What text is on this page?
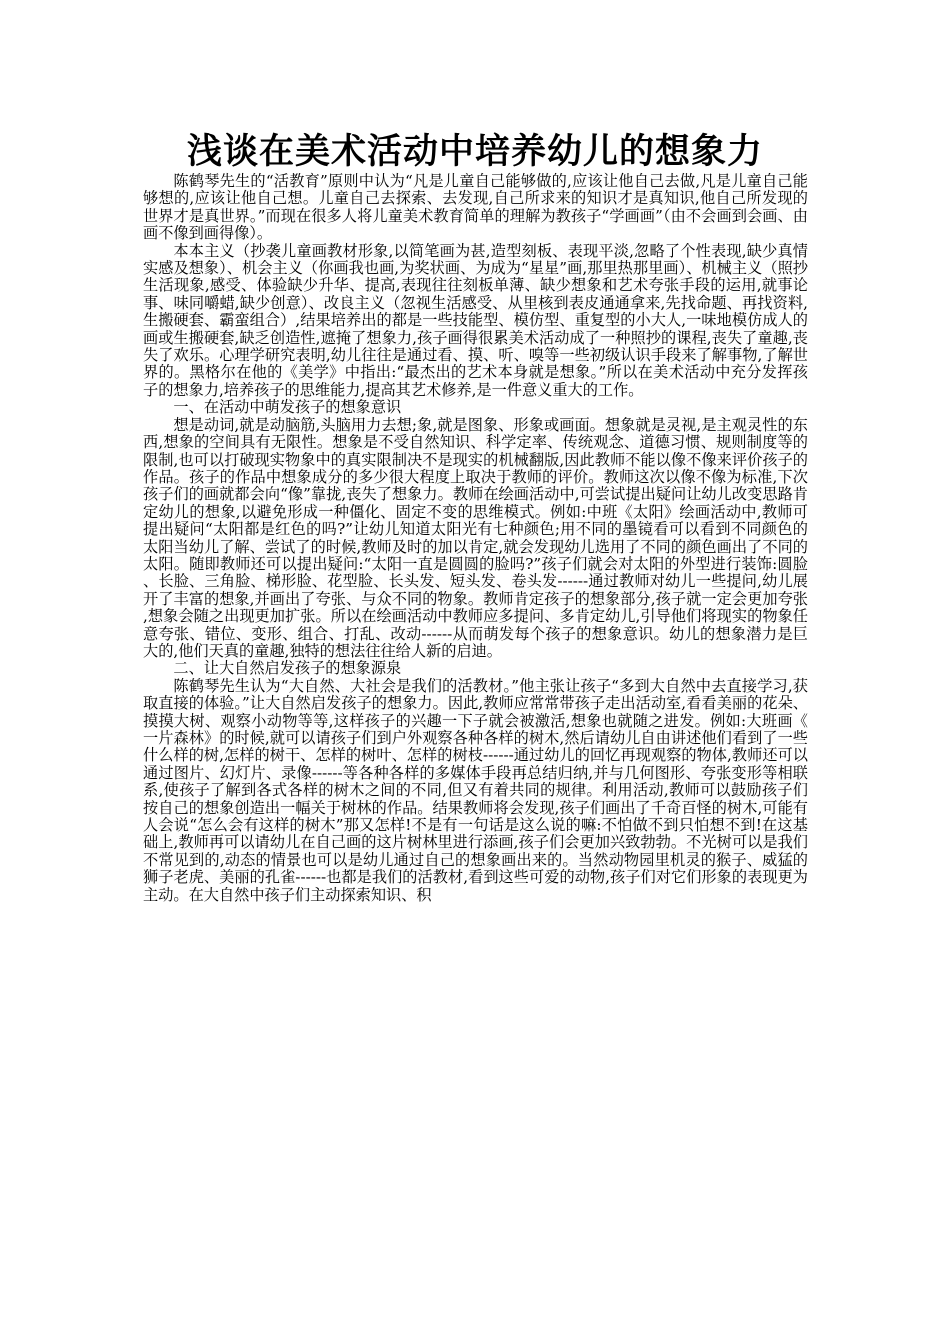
浅谈在美术活动中培养幼儿的想象力

陈鹤琴先生的“活教育”原则中认为“凡是儿童自己能够做的,应该让他自己去做,凡是儿童自己能够想的,应该让他自己想。儿童自己去探索、去发现,自己所求来的知识才是真知识,他自己所发现的世界才是真世界。”而现在很多人将儿童美术教育简单的理解为教孩子“学画画”（由不会画到会画、由画不像到画得像）。

本本主义（抄袭儿童画教材形象,以简笔画为甚,造型刻板、表现平淡,忽略了个性表现,缺少真情实感及想象）、机会主义（你画我也画,为奖状画、为成为“星星”画,那里热那里画）、机械主义（照抄生活现象,感受、体验缺少升华、提高,表现往往刻板单薄、缺少想象和艺术夸张手段的运用,就事论事、味同嚼蜡,缺少创意）、改良主义（忽视生活感受、从里核到表皮通通拿来,先找命题、再找资料,生搬硬套、霸蛮组合）,结果培养出的都是一些技能型、模仿型、重复型的小大人,一味地模仿成人的画或生搬硬套,缺乏创造性,遮掩了想象力,孩子画得很累美术活动成了一种照抄的课程,丧失了童趣,丧失了欢乐。心理学研究表明,幼儿往往是通过看、摸、听、嗅等一些初级认识手段来了解事物,了解世界的。黑格尔在他的《美学》中指出:“最杰出的艺术本身就是想象。”所以在美术活动中充分发挥孩子的想象力,培养孩子的思维能力,提高其艺术修养,是一件意义重大的工作。

一、在活动中萌发孩子的想象意识

想是动词,就是动脑筋,头脑用力去想;象,就是图象、形象或画面。想象就是灵视,是主观灵性的东西,想象的空间具有无限性。想象是不受自然知识、科学定率、传统观念、道德习惯、规则制度等的限制,也可以打破现实物象中的真实限制决不是现实的机械翻版,因此教师不能以像不像来评价孩子的作品。孩子的作品中想象成分的多少很大程度上取决于教师的评价。教师这次以像不像为标准,下次孩子们的画就都会向“像”靠拢,丧失了想象力。教师在绘画活动中,可尝试提出疑问让幼儿改变思路肯定幼儿的想象,以避免形成一种僵化、固定不变的思维模式。例如:中班《太阳》绘画活动中,教师可提出疑问“太阳都是红色的吗?”让幼儿知道太阳光有七种颜色;用不同的墨镜看可以看到不同颜色的太阳当幼儿了解、尝试了的时候,教师及时的加以肯定,就会发现幼儿选用了不同的颜色画出了不同的太阳。随即教师还可以提出疑问:“太阳一直是圆圆的脸吗?”孩子们就会对太阳的外型进行装饰:圆脸、长脸、三角脸、梯形脸、花型脸、长头发、短头发、卷头发------通过教师对幼儿一些提问,幼儿展开了丰富的想象,并画出了夸张、与众不同的物象。教师肯定孩子的想象部分,孩子就一定会更加夸张,想象会随之出现更加扩张。所以在绘画活动中教师应多提问、多肯定幼儿,引导他们将现实的物象任意夸张、错位、变形、组合、打乱、改动------从而萌发每个孩子的想象意识。幼儿的想象潜力是巨大的,他们天真的童趣,独特的想法往往给人新的启迪。

二、让大自然启发孩子的想象源泉

陈鹤琴先生认为“大自然、大社会是我们的活教材。”他主张让孩子“多到大自然中去直接学习,获取直接的体验。”让大自然启发孩子的想象力。因此,教师应常常带孩子走出活动室,看看美丽的花朵、摸摸大树、观察小动物等等,这样孩子的兴趣一下子就会被激活,想象也就随之进发。例如:大班画《一片森林》的时候,就可以请孩子们到户外观察各种各样的树木,然后请幼儿自由讲述他们看到了一些什么样的树,怎样的树干、怎样的树叶、怎样的树枝------通过幼儿的回忆再现观察的物体,教师还可以通过图片、幻灯片、录像------等各种各样的多媒体手段再总结归纳,并与几何图形、夸张变形等相联系,使孩子了解到各式各样的树木之间的不同,但又有着共同的规律。利用活动,教师可以鼓励孩子们按自己的想象创造出一幅关于树林的作品。结果教师将会发现,孩子们画出了千奇百怪的树木,可能有人会说“怎么会有这样的树木”那又怎样!不是有一句话是这么说的嘛:不怕做不到只怕想不到!在这基础上,教师再可以请幼儿在自己画的这片树林里进行添画,孩子们会更加兴致勃勃。不光树可以是我们不常见到的,动态的情景也可以是幼儿通过自己的想象画出来的。当然动物园里机灵的猴子、威猛的狮子老虎、美丽的孔雀------也都是我们的活教材,看到这些可爱的动物,孩子们对它们形象的表现更为主动。在大自然中孩子们主动探索知识、积
